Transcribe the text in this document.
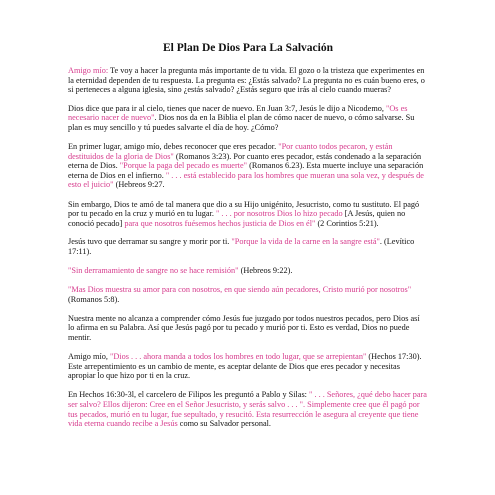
El Plan De Dios Para La Salvación

Amigo mío: Te voy a hacer la pregunta más importante de tu vida. El gozo o la tristeza que experimentes en la eternidad dependen de tu respuesta. La pregunta es: ¿Estás salvado? La pregunta no es cuán bueno eres, o si perteneces a alguna iglesia, sino ¿estás salvado? ¿Estás seguro que irás al cielo cuando mueras?

Dios dice que para ir al cielo, tienes que nacer de nuevo. En Juan 3:7, Jesús le dijo a Nicodemo, "Os es necesario nacer de nuevo". Dios nos da en la Biblia el plan de cómo nacer de nuevo, o cómo salvarse. Su plan es muy sencillo y tú puedes salvarte el día de hoy. ¿Cómo?

En primer lugar, amigo mío, debes reconocer que eres pecador. "Por cuanto todos pecaron, y están destituidos de la gloria de Dios" (Romanos 3:23). Por cuanto eres pecador, estás condenado a la separación eterna de Dios. "Porque la paga del pecado es muerte" (Romanos 6.23). Esta muerte incluye una separación eterna de Dios en el infierno. " . . . está establecido para los hombres que mueran una sola vez, y después de esto el juicio" (Hebreos 9:27.

Sin embargo, Dios te amó de tal manera que dio a su Hijo unigénito, Jesucristo, como tu sustituto. El pagó por tu pecado en la cruz y murió en tu lugar. " . . . por nosotros Dios lo hizo pecado [A Jesús, quien no conoció pecado] para que nosotros fuésemos hechos justicia de Dios en él" (2 Corintios 5:21).

Jesús tuvo que derramar su sangre y morir por ti. "Porque la vida de la carne en la sangre está". (Levítico 17:11).

"Sin derramamiento de sangre no se hace remisión" (Hebreos 9:22).

"Mas Dios muestra su amor para con nosotros, en que siendo aún pecadores, Cristo murió por nosotros" (Romanos 5:8).

Nuestra mente no alcanza a comprender cómo Jesús fue juzgado por todos nuestros pecados, pero Dios así lo afirma en su Palabra. Así que Jesús pagó por tu pecado y murió por ti. Esto es verdad, Dios no puede mentir.

Amigo mío, "Dios . . . ahora manda a todos los hombres en todo lugar, que se arrepientan" (Hechos 17:30). Este arrepentimiento es un cambio de mente, es aceptar delante de Dios que eres pecador y necesitas apropiar lo que hizo por ti en la cruz.

En Hechos 16:30-3l, el carcelero de Filipos les preguntó a Pablo y Silas: " . . . Señores, ¿qué debo hacer para ser salvo? Ellos dijeron: Cree en el Señor Jesucristo, y serás salvo . . . ". Simplemente cree que él pagó por tus pecados, murió en tu lugar, fue sepultado, y resucitó. Esta resurrección le asegura al creyente que tiene vida eterna cuando recibe a Jesús como su Salvador personal.
